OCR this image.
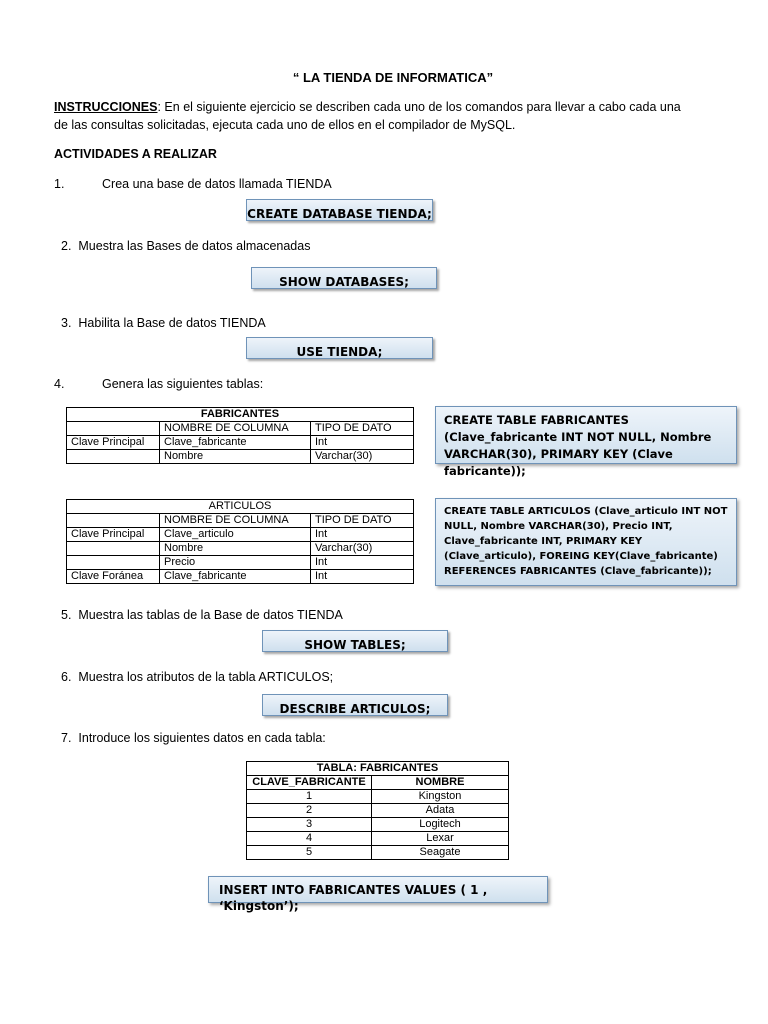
“ LA TIENDA DE INFORMATICA”
INSTRUCCIONES: En el siguiente ejercicio se describen cada uno de los comandos para llevar a cabo cada una de las consultas solicitadas, ejecuta cada uno de ellos en el compilador de MySQL.
ACTIVIDADES A REALIZAR
1.	Crea una base de datos llamada TIENDA
CREATE DATABASE TIENDA;
2. Muestra las Bases de datos almacenadas
SHOW DATABASES;
3. Habilita la Base de datos TIENDA
USE TIENDA;
4.	Genera las siguientes tablas:
FABRICANTES		
	NOMBRE DE COLUMNA	TIPO DE DATO
Clave Principal	Clave_fabricante	Int
	Nombre	Varchar(30)
CREATE TABLE FABRICANTES (Clave_fabricante INT NOT NULL, Nombre VARCHAR(30), PRIMARY KEY (Clave fabricante));
ARTICULOS		
	NOMBRE DE COLUMNA	TIPO DE DATO
Clave Principal	Clave_articulo	Int
	Nombre	Varchar(30)
	Precio	Int
Clave Foránea	Clave_fabricante	Int
CREATE TABLE ARTICULOS (Clave_articulo INT NOT NULL, Nombre VARCHAR(30), Precio INT, Clave_fabricante INT, PRIMARY KEY (Clave_articulo), FOREING KEY(Clave_fabricante) REFERENCES FABRICANTES (Clave_fabricante));
5. Muestra las tablas de la Base de datos TIENDA
SHOW TABLES;
6. Muestra los atributos de la tabla ARTICULOS;
DESCRIBE ARTICULOS;
7. Introduce los siguientes datos en cada tabla:
TABLA: FABRICANTES	
CLAVE_FABRICANTE	NOMBRE
1	Kingston
2	Adata
3	Logitech
4	Lexar
5	Seagate
INSERT INTO FABRICANTES VALUES ( 1 , ‘Kingston’);
